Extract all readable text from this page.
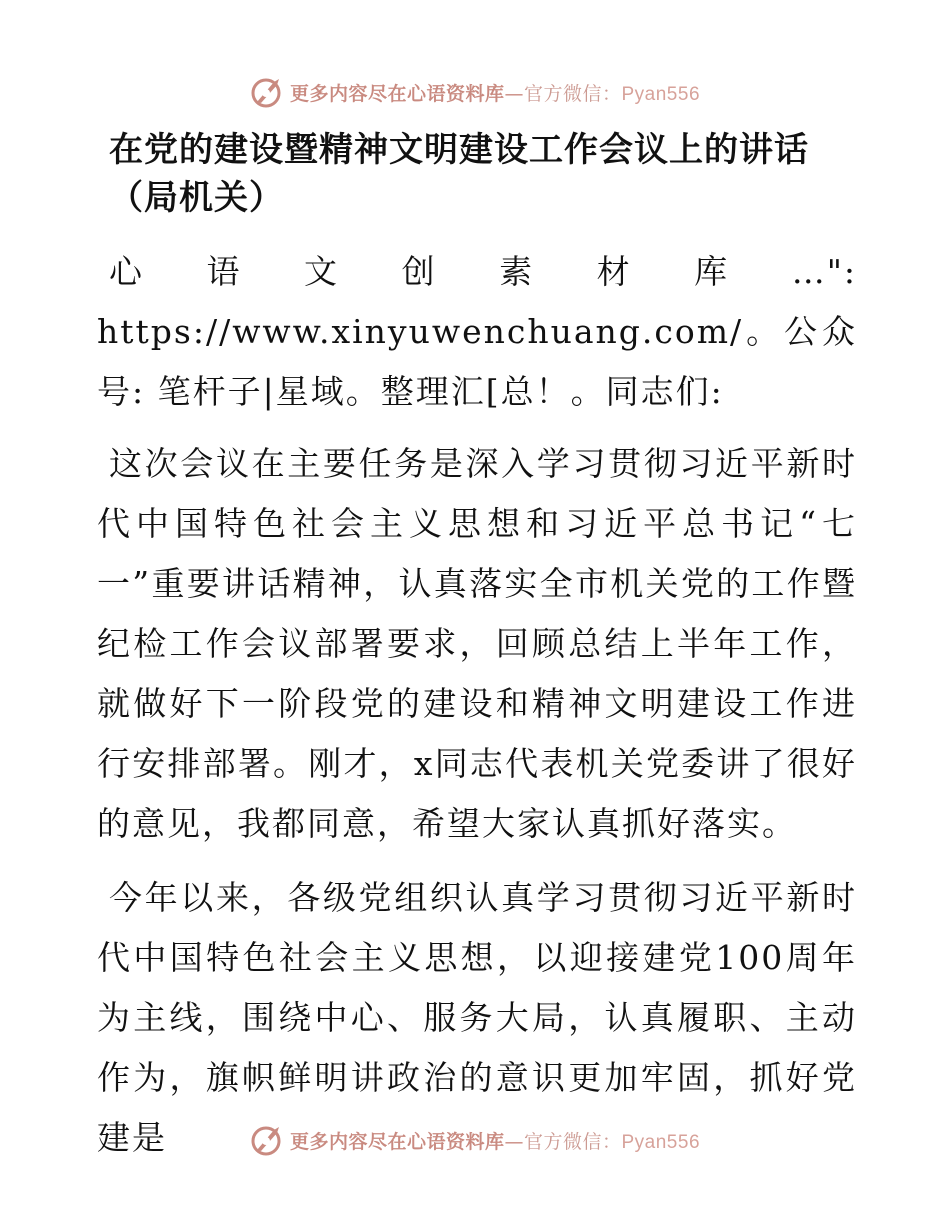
更多内容尽在心语资料库—官方微信：Pyan556
在党的建设暨精神文明建设工作会议上的讲话（局机关）

心语文创素材库…": https://www.xinyuwenchuang.com/。公众号: 笔杆子|星域。整理汇[总！。同志们:

这次会议在主要任务是深入学习贯彻习近平新时代中国特色社会主义思想和习近平总书记“七一”重要讲话精神，认真落实全市机关党的工作暨纪检工作会议部署要求，回顾总结上半年工作，就做好下一阶段党的建设和精神文明建设工作进行安排部署。刚才，x同志代表机关党委讲了很好的意见，我都同意，希望大家认真抓好落实。

今年以来，各级党组织认真学习贯彻习近平新时代中国特色社会主义思想，以迎接建党100周年为主线，围绕中心、服务大局，认真履职、主动作为，旗帜鲜明讲政治的意识更加牢固，抓好党建是	更多内容尽在心语资料库—官方微信：Pyan556
